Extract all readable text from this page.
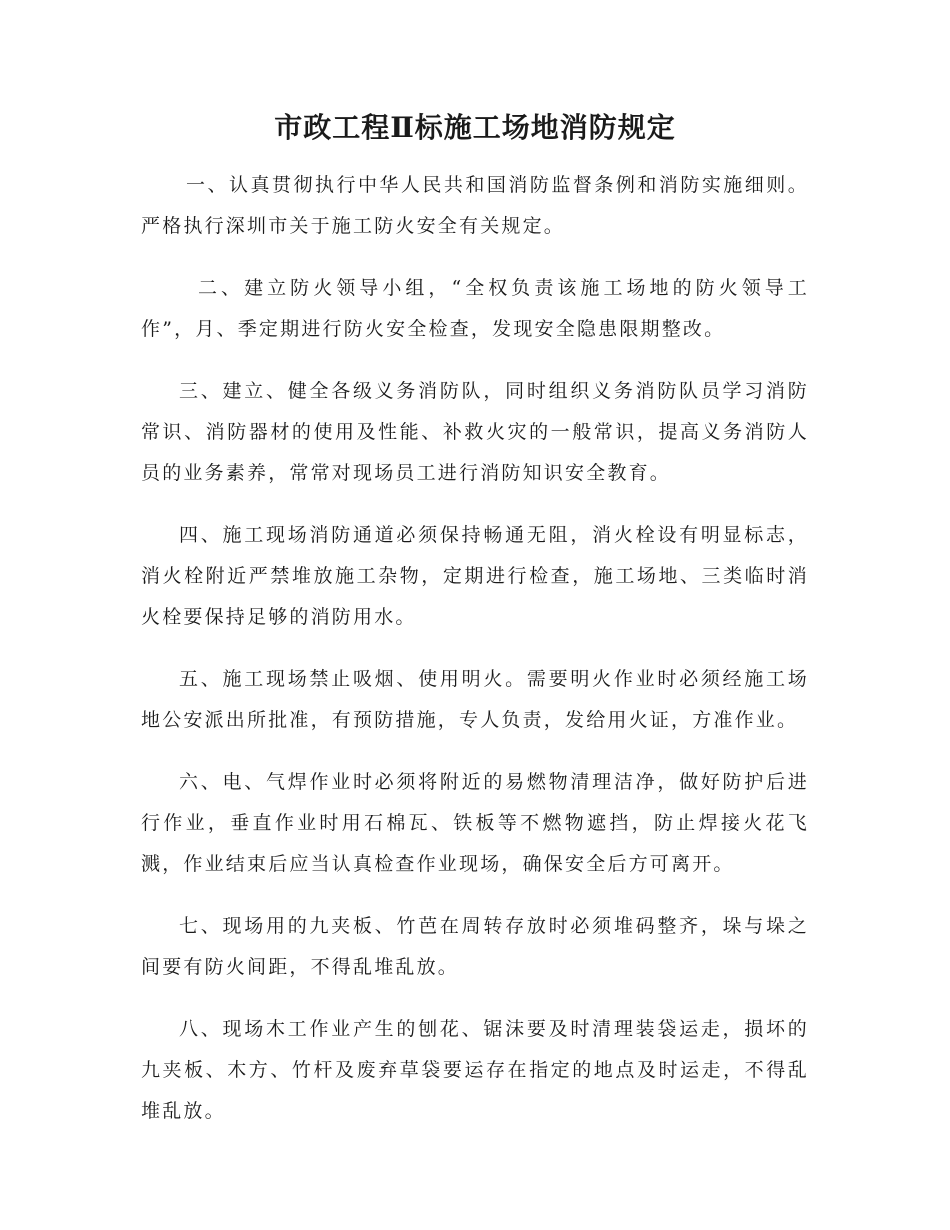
市政工程Ⅱ标施工场地消防规定

一、认真贯彻执行中华人民共和国消防监督条例和消防实施细则。严格执行深圳市关于施工防火安全有关规定。

二、建立防火领导小组，“全权负责该施工场地的防火领导工作”，月、季定期进行防火安全检查，发现安全隐患限期整改。

三、建立、健全各级义务消防队，同时组织义务消防队员学习消防常识、消防器材的使用及性能、补救火灾的一般常识，提高义务消防人员的业务素养，常常对现场员工进行消防知识安全教育。

四、施工现场消防通道必须保持畅通无阻，消火栓设有明显标志，消火栓附近严禁堆放施工杂物，定期进行检查，施工场地、三类临时消火栓要保持足够的消防用水。

五、施工现场禁止吸烟、使用明火。需要明火作业时必须经施工场地公安派出所批准，有预防措施，专人负责，发给用火证，方准作业。

六、电、气焊作业时必须将附近的易燃物清理洁净，做好防护后进行作业，垂直作业时用石棉瓦、铁板等不燃物遮挡，防止焊接火花飞溅，作业结束后应当认真检查作业现场，确保安全后方可离开。

七、现场用的九夹板、竹芭在周转存放时必须堆码整齐，垛与垛之间要有防火间距，不得乱堆乱放。

八、现场木工作业产生的刨花、锯沫要及时清理装袋运走，损坏的九夹板、木方、竹杆及废弃草袋要运存在指定的地点及时运走，不得乱堆乱放。
